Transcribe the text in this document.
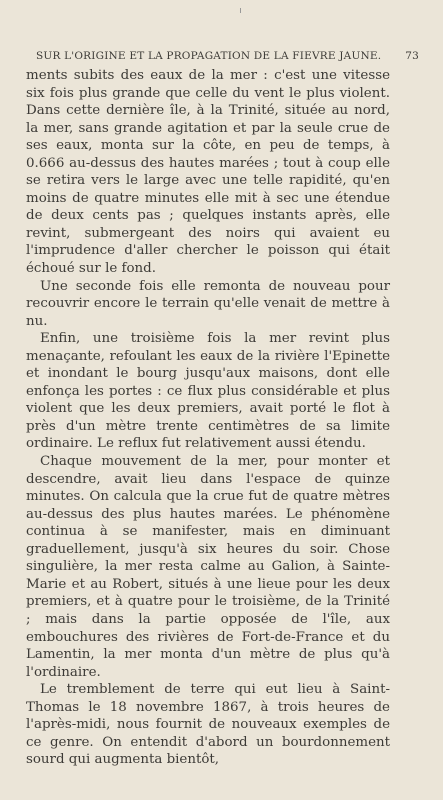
SUR L'ORIGINE ET LA PROPAGATION DE LA FIEVRE JAUNE. 73

ments subits des eaux de la mer : c'est une vitesse six fois plus grande que celle du vent le plus violent. Dans cette dernière île, à la Trinité, située au nord, la mer, sans grande agitation et par la seule crue de ses eaux, monta sur la côte, en peu de temps, à 0.666 au-dessus des hautes marées ; tout à coup elle se retira vers le large avec une telle rapidité, qu'en moins de quatre minutes elle mit à sec une étendue de deux cents pas ; quelques instants après, elle revint, submergeant des noirs qui avaient eu l'imprudence d'aller chercher le poisson qui était échoué sur le fond.

Une seconde fois elle remonta de nouveau pour recouvrir encore le terrain qu'elle venait de mettre à nu.

Enfin, une troisième fois la mer revint plus menaçante, refoulant les eaux de la rivière l'Epinette et inondant le bourg jusqu'aux maisons, dont elle enfonça les portes : ce flux plus considérable et plus violent que les deux premiers, avait porté le flot à près d'un mètre trente centimètres de sa limite ordinaire. Le reflux fut relativement aussi étendu.

Chaque mouvement de la mer, pour monter et descendre, avait lieu dans l'espace de quinze minutes. On calcula que la crue fut de quatre mètres au-dessus des plus hautes marées. Le phénomène continua à se manifester, mais en diminuant graduellement, jusqu'à six heures du soir. Chose singulière, la mer resta calme au Galion, à Sainte-Marie et au Robert, situés à une lieue pour les deux premiers, et à quatre pour le troisième, de la Trinité ; mais dans la partie opposée de l'île, aux embouchures des rivières de Fort-de-France et du Lamentin, la mer monta d'un mètre de plus qu'à l'ordinaire.

Le tremblement de terre qui eut lieu à Saint-Thomas le 18 novembre 1867, à trois heures de l'après-midi, nous fournit de nouveaux exemples de ce genre. On entendit d'abord un bourdonnement sourd qui augmenta bientôt,
